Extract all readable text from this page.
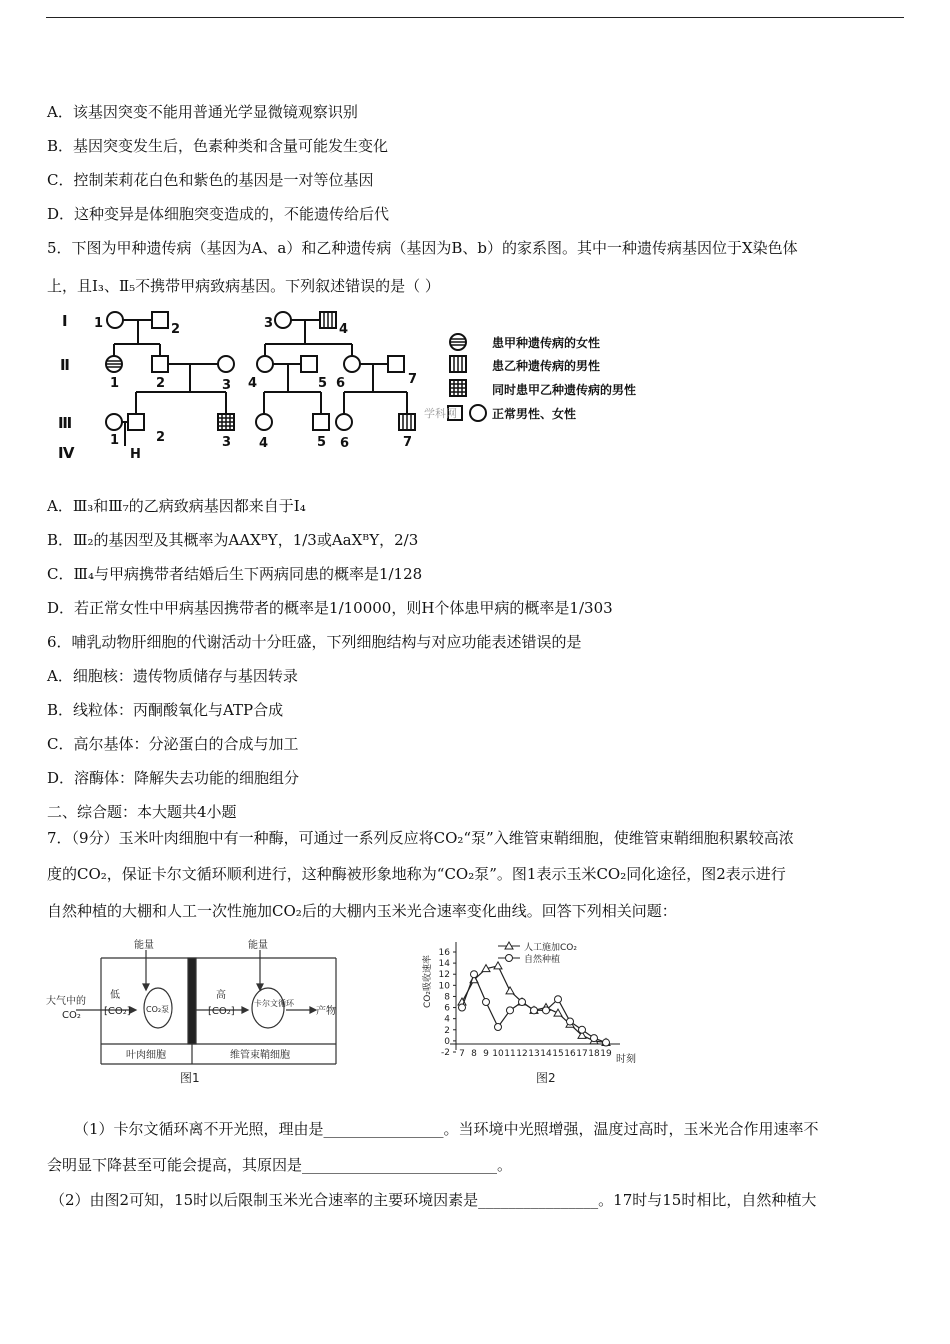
A．该基因突变不能用普通光学显微镜观察识别
B．基因突变发生后，色素种类和含量可能发生变化
C．控制茉莉花白色和紫色的基因是一对等位基因
D．这种变异是体细胞突变造成的，不能遗传给后代
5．下图为甲种遗传病（基因为A、a）和乙种遗传病（基因为B、b）的家系图。其中一种遗传病基因位于X染色体
上，且Ⅰ₃、Ⅱ₅不携带甲病致病基因。下列叙述错误的是（ ）
Ⅰ
Ⅱ
Ⅲ
Ⅳ
1	2	3	4
1	2	3 4	5 6	7
1	2	3 4	5 6	7
H
患甲种遗传病的女性
患乙种遗传病的男性
同时患甲乙种遗传病的男性
正常男性、女性
学科网
A．Ⅲ₃和Ⅲ₇的乙病致病基因都来自于Ⅰ₄
B．Ⅲ₂的基因型及其概率为AAXᴮY，1/3或AaXᴮY，2/3
C．Ⅲ₄与甲病携带者结婚后生下两病同患的概率是1/128
D．若正常女性中甲病基因携带者的概率是1/10000，则H个体患甲病的概率是1/303
6．哺乳动物肝细胞的代谢活动十分旺盛，下列细胞结构与对应功能表述错误的是
A．细胞核：遗传物质储存与基因转录
B．线粒体：丙酮酸氧化与ATP合成
C．高尔基体：分泌蛋白的合成与加工
D．溶酶体：降解失去功能的细胞组分
二、综合题：本大题共4小题
7．（9分）玉米叶肉细胞中有一种酶，可通过一系列反应将CO₂“泵”入维管束鞘细胞，使维管束鞘细胞积累较高浓
度的CO₂，保证卡尔文循环顺利进行，这种酶被形象地称为“CO₂泵”。图1表示玉米CO₂同化途径，图2表示进行
自然种植的大棚和人工一次性施加CO₂后的大棚内玉米光合速率变化曲线。回答下列相关问题：
能量	能量
大气中的
CO₂
低
[CO₂] CO₂泵
高
[CO₂]
卡尔文循环
产物
叶肉细胞	维管束鞘细胞
图1
CO₂吸收速率
时刻
图2
人工施加CO₂
自然种植
-2
0
2
4
6
8
10
12
14
16
7 8 9 10 11 12 13 14 15 16 17 18 19
（1）卡尔文循环离不开光照，理由是________________。当环境中光照增强，温度过高时，玉米光合作用速率不
会明显下降甚至可能会提高，其原因是__________________________。
（2）由图2可知，15时以后限制玉米光合速率的主要环境因素是________________。17时与15时相比，自然种植大
